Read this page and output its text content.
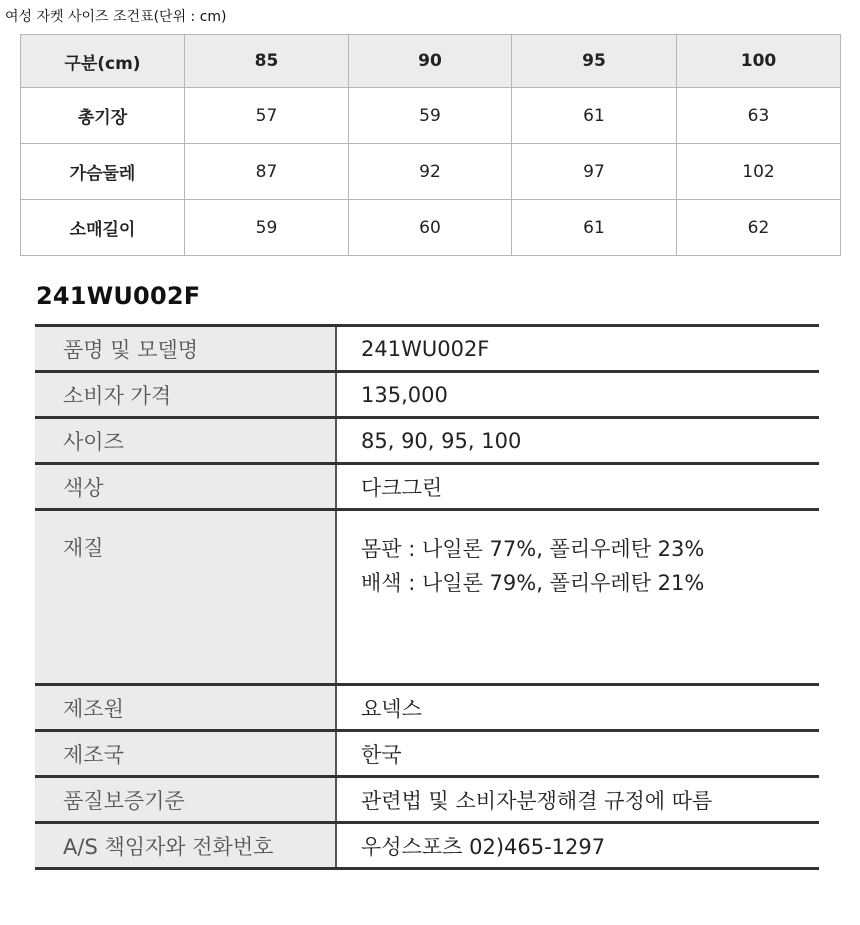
여성 자켓 사이즈 조건표(단위 : cm)
구분(cm)	85	90	95	100
총기장	57	59	61	63
가슴둘레	87	92	97	102
소매길이	59	60	61	62
241WU002F
품명 및 모델명	241WU002F

소비자 가격	135,000

사이즈	85, 90, 95, 100

색상	다크그린

재질	몸판 : 나일론 77%, 폴리우레탄 23%
배색 : 나일론 79%, 폴리우레탄 21%

제조원	요넥스

제조국	한국

품질보증기준	관련법 및 소비자분쟁해결 규정에 따름

A/S 책임자와 전화번호	우성스포츠 02)465-1297
